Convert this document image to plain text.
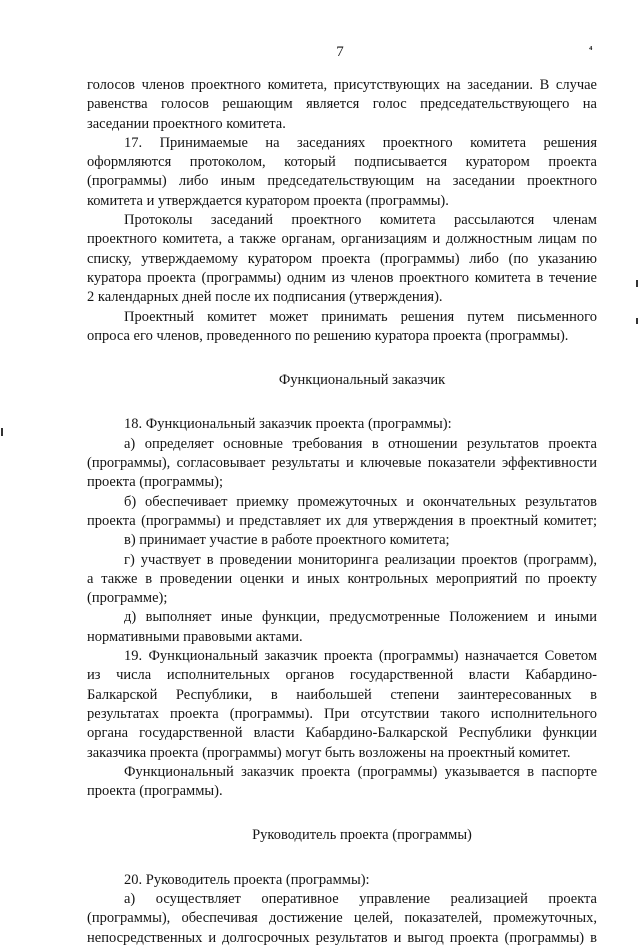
7	⁴
голосов членов проектного комитета, присутствующих на заседании. В случае
равенства голосов решающим является голос председательствующего на
заседании проектного комитета.
17. Принимаемые на заседаниях проектного комитета решения
оформляются протоколом, который подписывается куратором проекта
(программы) либо иным председательствующим на заседании проектного
комитета и утверждается куратором проекта (программы).
Протоколы заседаний проектного комитета рассылаются членам
проектного комитета, а также органам, организациям и должностным лицам по
списку, утверждаемому куратором проекта (программы) либо (по указанию
куратора проекта (программы) одним из членов проектного комитета в течение
2 календарных дней после их подписания (утверждения).
Проектный комитет может принимать решения путем письменного
опроса его членов, проведенного по решению куратора проекта (программы).
Функциональный заказчик
18. Функциональный заказчик проекта (программы):
а) определяет основные требования в отношении результатов проекта
(программы), согласовывает результаты и ключевые показатели эффективности
проекта (программы);
б) обеспечивает приемку промежуточных и окончательных результатов
проекта (программы) и представляет их для утверждения в проектный комитет;
в) принимает участие в работе проектного комитета;
г) участвует в проведении мониторинга реализации проектов (программ),
а также в проведении оценки и иных контрольных мероприятий по проекту
(программе);
д) выполняет иные функции, предусмотренные Положением и иными
нормативными правовыми актами.
19. Функциональный заказчик проекта (программы) назначается Советом
из числа исполнительных органов государственной власти Кабардино-
Балкарской Республики, в наибольшей степени заинтересованных в
результатах проекта (программы). При отсутствии такого исполнительного
органа государственной власти Кабардино-Балкарской Республики функции
заказчика проекта (программы) могут быть возложены на проектный комитет.
Функциональный заказчик проекта (программы) указывается в паспорте
проекта (программы).
Руководитель проекта (программы)
20. Руководитель проекта (программы):
а) осуществляет оперативное управление реализацией проекта
(программы), обеспечивая достижение целей, показателей, промежуточных,
непосредственных и долгосрочных результатов и выгод проекта (программы) в
